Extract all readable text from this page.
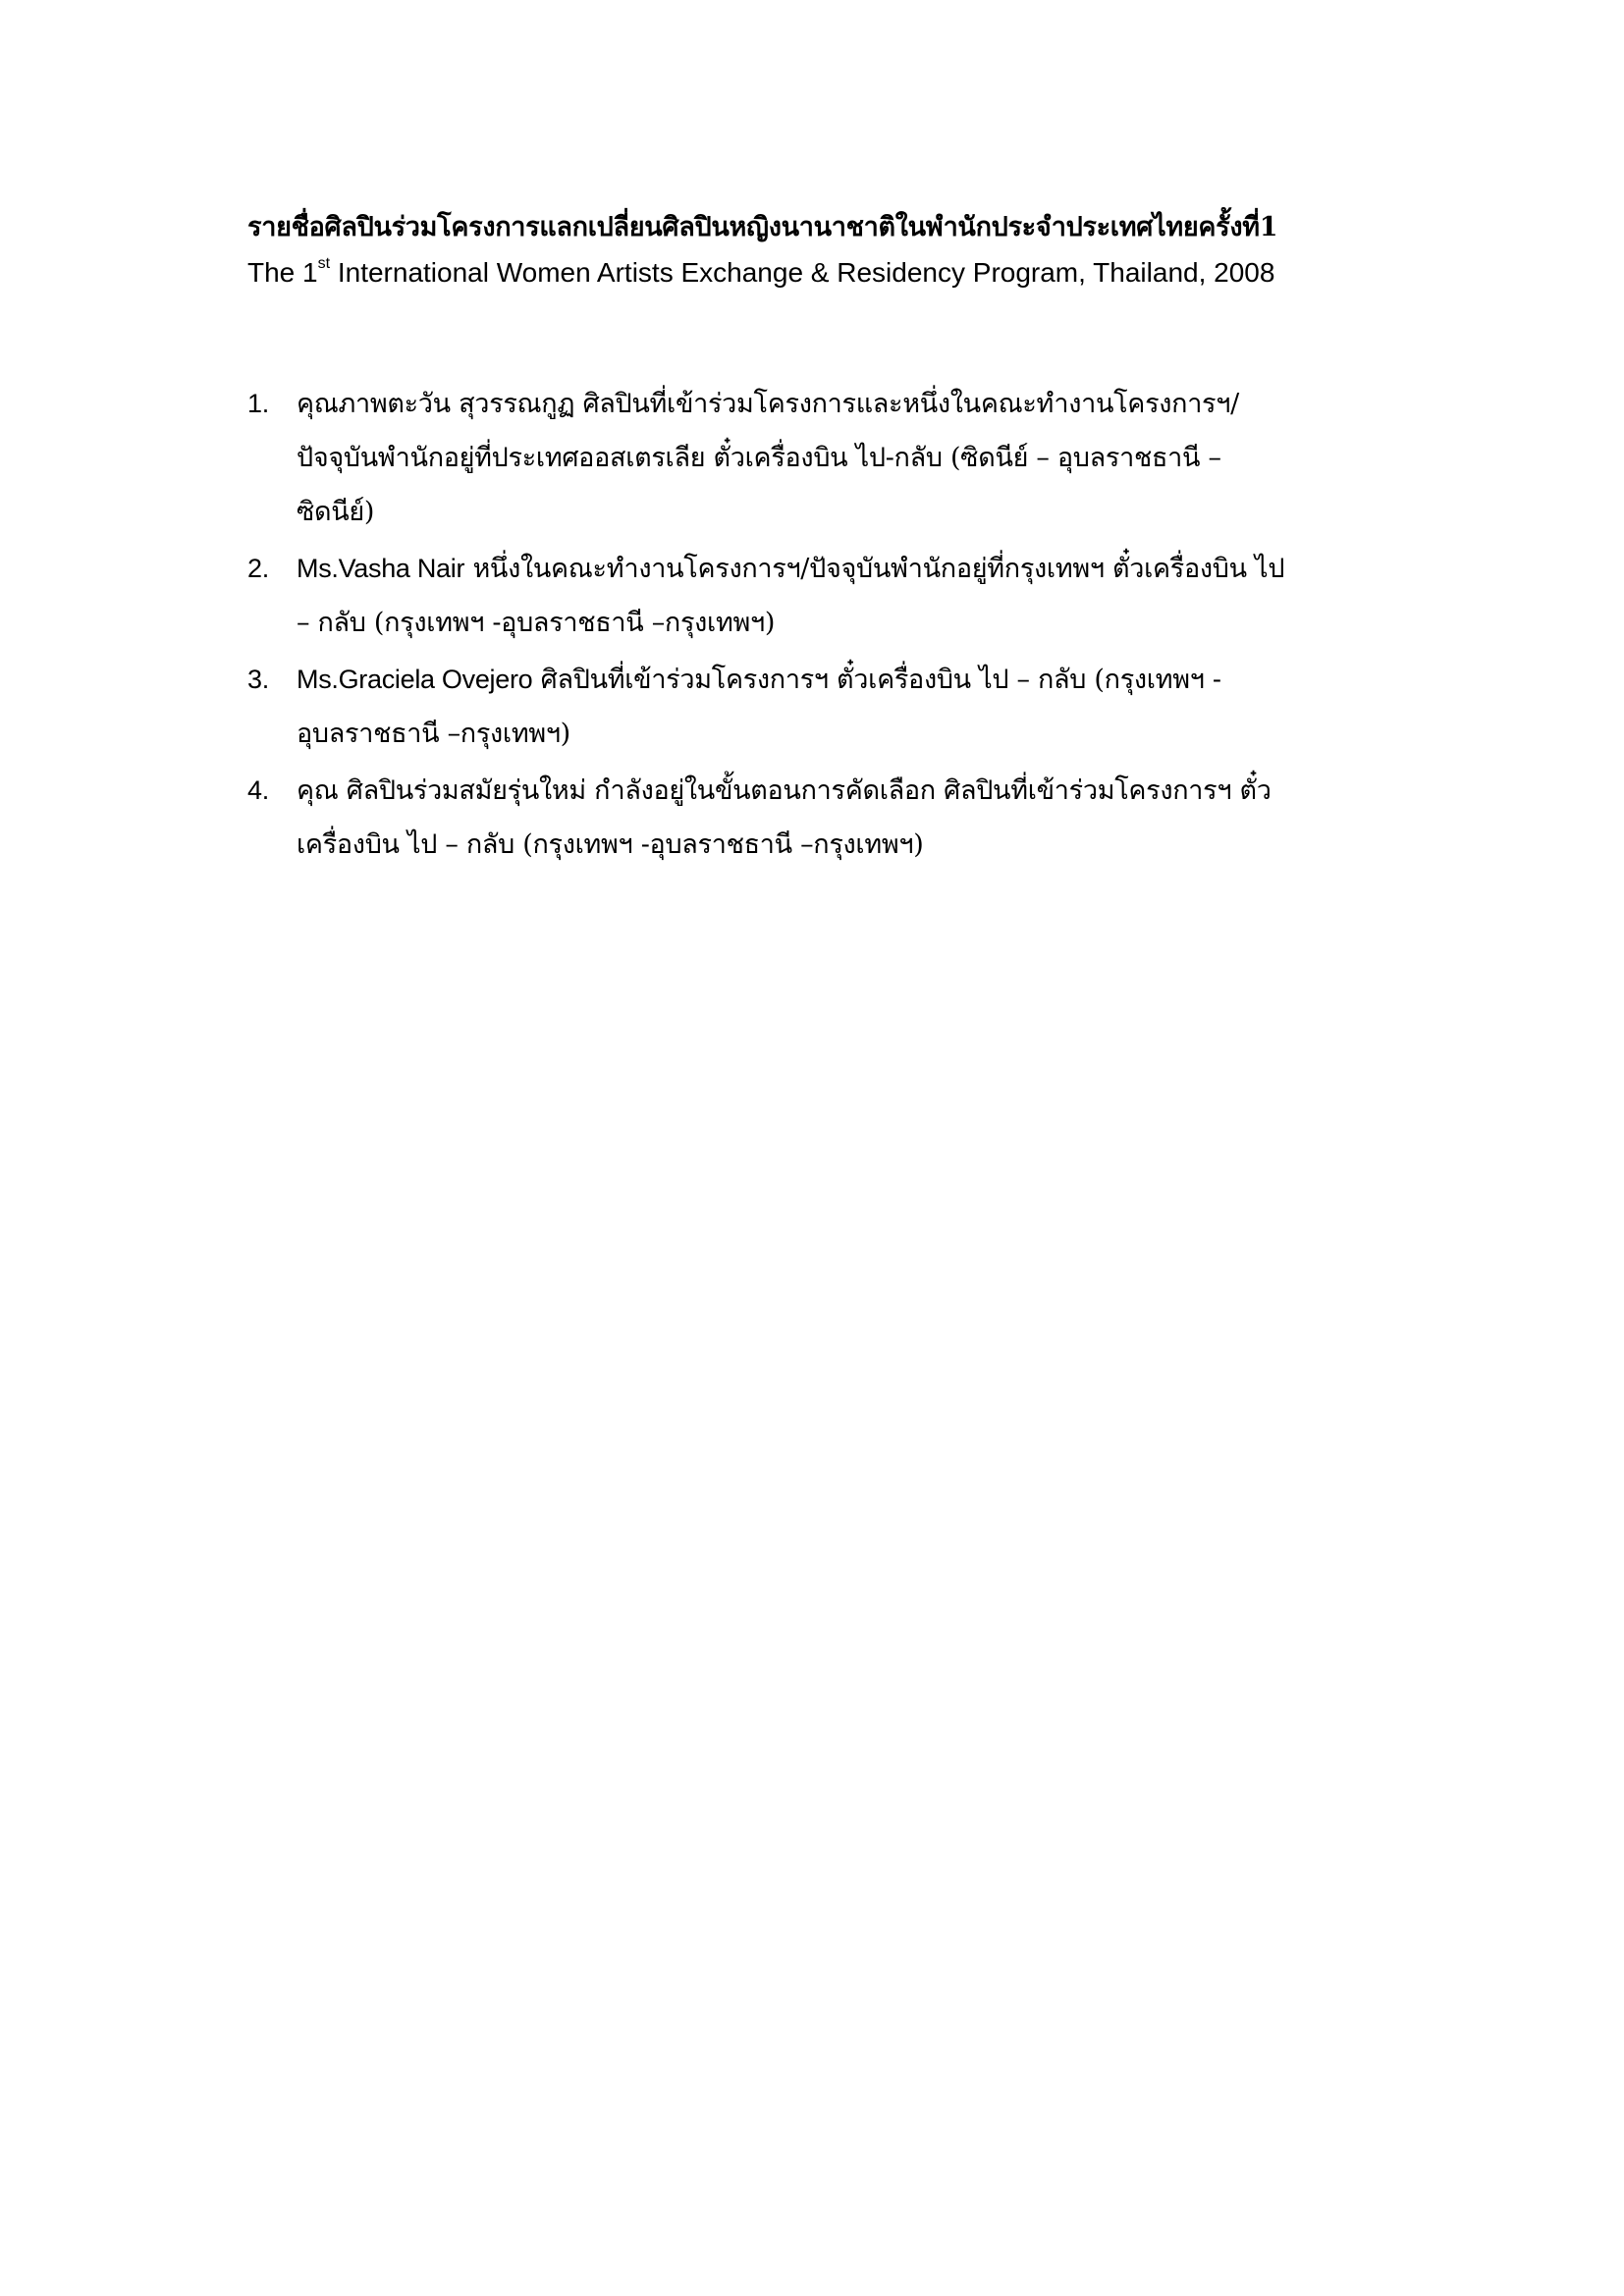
รายชื่อศิลปินร่วมโครงการแลกเปลี่ยนศิลปินหญิงนานาชาติในพำนักประจำประเทศไทยครั้งที่1
The 1st International Women Artists Exchange & Residency Program, Thailand, 2008
1. คุณภาพตะวัน สุวรรณกูฏ ศิลปินที่เข้าร่วมโครงการและหนึ่งในคณะทำงานโครงการฯ/
ปัจจุบันพำนักอยู่ที่ประเทศออสเตรเลีย ตั๋วเครื่องบิน ไป-กลับ (ซิดนีย์ – อุบลราชธานี –
ซิดนีย์)
2. Ms.Vasha Nair หนึ่งในคณะทำงานโครงการฯ/ปัจจุบันพำนักอยู่ที่กรุงเทพฯ ตั๋วเครื่องบิน ไป
– กลับ (กรุงเทพฯ -อุบลราชธานี –กรุงเทพฯ)
3. Ms.Graciela Ovejero ศิลปินที่เข้าร่วมโครงการฯ ตั๋วเครื่องบิน ไป – กลับ (กรุงเทพฯ -
อุบลราชธานี –กรุงเทพฯ)
4. คุณ ศิลปินร่วมสมัยรุ่นใหม่ กำลังอยู่ในขั้นตอนการคัดเลือก ศิลปินที่เข้าร่วมโครงการฯ ตั๋ว
เครื่องบิน ไป – กลับ (กรุงเทพฯ -อุบลราชธานี –กรุงเทพฯ)
